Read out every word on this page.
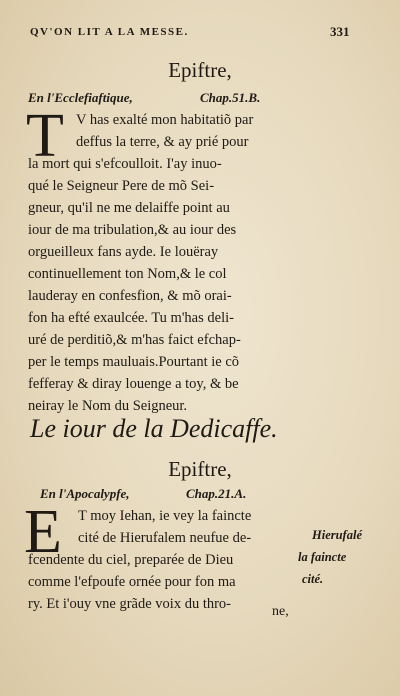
QV'ON LIT A LA MESSE.	331
Epiftre,
En l'Ecclefiaftique,	Chap.51.B.
T V has exalté mon habitatiõ par
deffus la terre, & ay prié pour
la mort qui s'efcoulloit. I'ay inuo-
qué le Seigneur Pere de mõ Sei-
gneur, qu'il ne me delaiffe point au
iour de ma tribulation,& au iour des
orgueilleux fans ayde. Ie louëray
continuellement ton Nom,& le col
lauderay en confesfion, & mõ orai-
fon ha efté exaulcée. Tu m'has deli-
uré de perditiõ,& m'has faict efchap-
per le temps mauluais.Pourtant ie cõ
fefferay & diray louenge a toy, & be
neiray le Nom du Seigneur.
Le iour de la Dedicaffe.
Epiftre,
En l'Apocalypfe,	Chap.21.A.
E T moy Iehan, ie vey la faincte
cité de Hierufalem neufue de-
fcendente du ciel, preparée de Dieu
comme l'efpoufe ornée pour fon ma
ry. Et i'ouy vne grãde voix du thro-
Hierufalé
la faincte
cité.
ne,
